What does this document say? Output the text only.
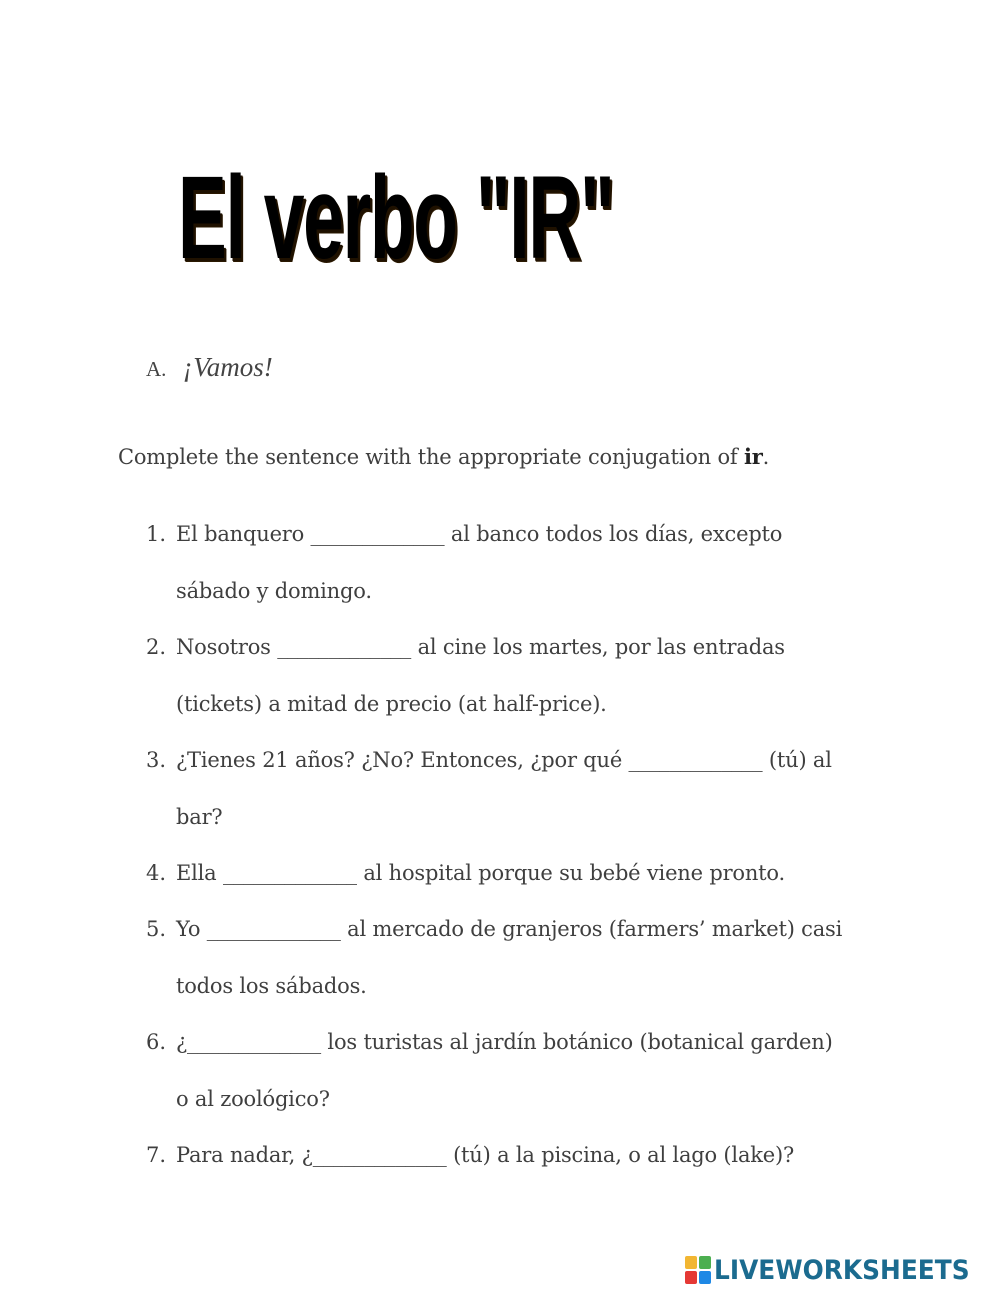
El verbo "IR"
A. ¡Vamos!
Complete the sentence with the appropriate conjugation of ir.
1. El banquero _____________ al banco todos los días, excepto
sábado y domingo.
2. Nosotros _____________ al cine los martes, por las entradas
(tickets) a mitad de precio (at half-price).
3. ¿Tienes 21 años? ¿No? Entonces, ¿por qué _____________ (tú) al
bar?
4. Ella _____________ al hospital porque su bebé viene pronto.
5. Yo _____________ al mercado de granjeros (farmers’ market) casi
todos los sábados.
6. ¿_____________ los turistas al jardín botánico (botanical garden)
o al zoológico?
7. Para nadar, ¿_____________ (tú) a la piscina, o al lago (lake)?
LIVEWORKSHEETS
